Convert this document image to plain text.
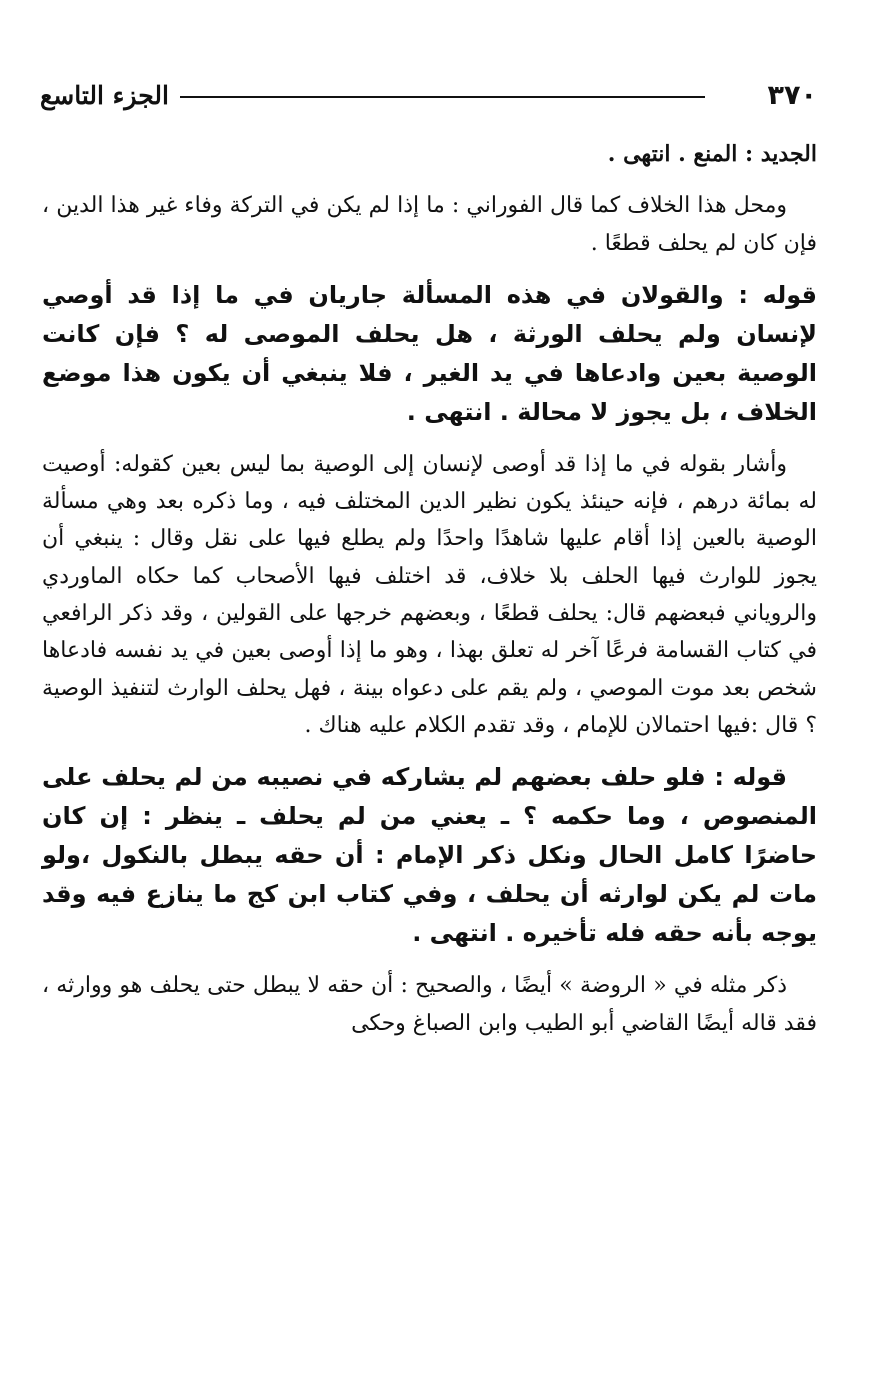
٣٧٠
الجزء التاسع

الجديد : المنع . انتهى .

ومحل هذا الخلاف كما قال الفوراني : ما إذا لم يكن في التركة وفاء غير هذا الدين ، فإن كان لم يحلف قطعًا .

قوله : والقولان في هذه المسألة جاريان في ما إذا قد أوصي لإنسان ولم يحلف الورثة ، هل يحلف الموصى له ؟ فإن كانت الوصية بعين وادعاها في يد الغير ، فلا ينبغي أن يكون هذا موضع الخلاف ، بل يجوز لا محالة . انتهى .

وأشار بقوله في ما إذا قد أوصى لإنسان إلى الوصية بما ليس بعين كقوله: أوصيت له بمائة درهم ، فإنه حينئذ يكون نظير الدين المختلف فيه ، وما ذكره بعد وهي مسألة الوصية بالعين إذا أقام عليها شاهدًا واحدًا ولم يطلع فيها على نقل وقال : ينبغي أن يجوز للوارث فيها الحلف بلا خلاف، قد اختلف فيها الأصحاب كما حكاه الماوردي والروياني فبعضهم قال: يحلف قطعًا ، وبعضهم خرجها على القولين ، وقد ذكر الرافعي في كتاب القسامة فرعًا آخر له تعلق بهذا ، وهو ما إذا أوصى بعين في يد نفسه فادعاها شخص بعد موت الموصي ، ولم يقم على دعواه بينة ، فهل يحلف الوارث لتنفيذ الوصية ؟ قال :فيها احتمالان للإمام ، وقد تقدم الكلام عليه هناك .

قوله : فلو حلف بعضهم لم يشاركه في نصيبه من لم يحلف على المنصوص ، وما حكمه ؟ ـ يعني من لم يحلف ـ ينظر : إن كان حاضرًا كامل الحال ونكل ذكر الإمام : أن حقه يبطل بالنكول ،ولو مات لم يكن لوارثه أن يحلف ، وفي كتاب ابن كج ما ينازع فيه وقد يوجه بأنه حقه فله تأخيره . انتهى .

ذكر مثله في « الروضة » أيضًا ، والصحيح : أن حقه لا يبطل حتى يحلف هو ووارثه ، فقد قاله أيضًا القاضي أبو الطيب وابن الصباغ وحكى
